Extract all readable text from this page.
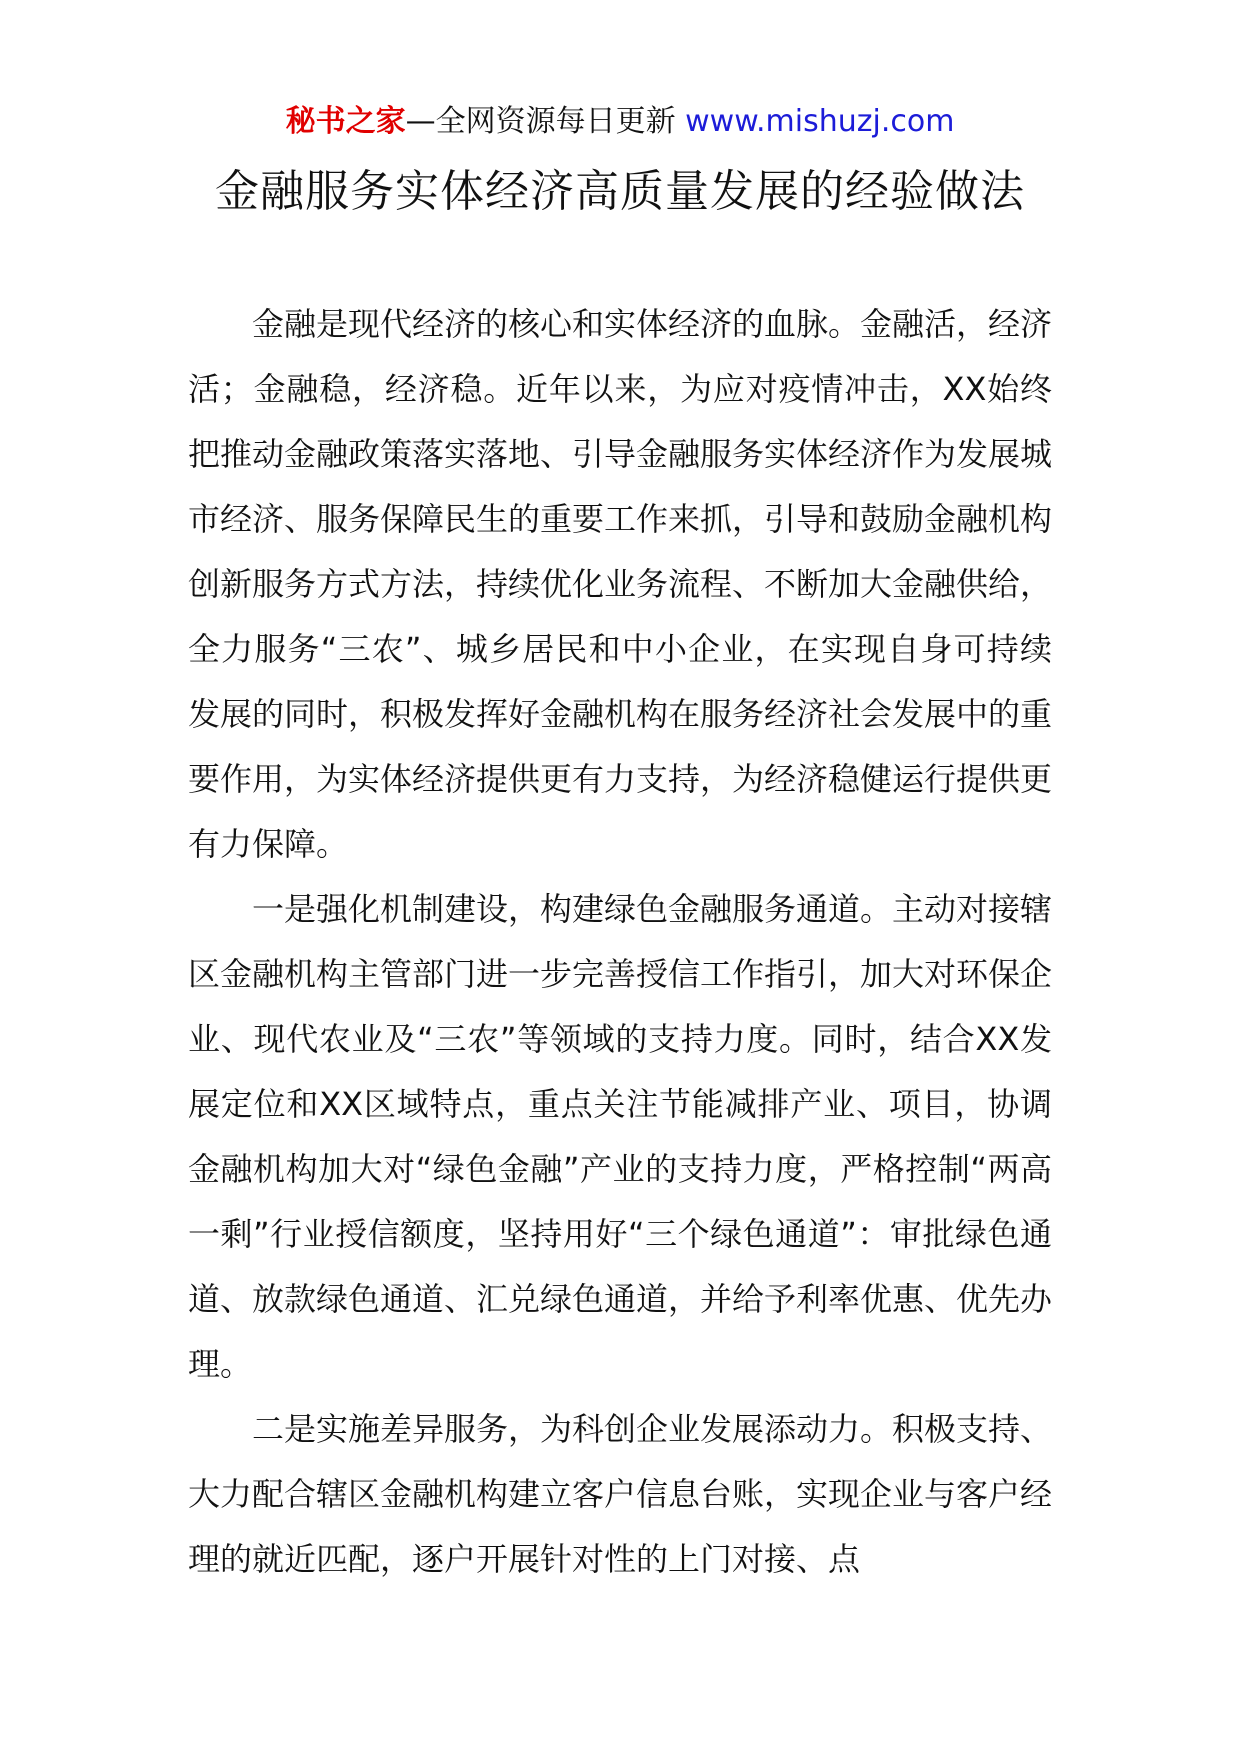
秘书之家—全网资源每日更新 www.mishuzj.com
金融服务实体经济高质量发展的经验做法

金融是现代经济的核心和实体经济的血脉。金融活，经济活；金融稳，经济稳。近年以来，为应对疫情冲击，XX始终把推动金融政策落实落地、引导金融服务实体经济作为发展城市经济、服务保障民生的重要工作来抓，引导和鼓励金融机构创新服务方式方法，持续优化业务流程、不断加大金融供给，全力服务“三农”、城乡居民和中小企业，在实现自身可持续发展的同时，积极发挥好金融机构在服务经济社会发展中的重要作用，为实体经济提供更有力支持，为经济稳健运行提供更有力保障。

一是强化机制建设，构建绿色金融服务通道。主动对接辖区金融机构主管部门进一步完善授信工作指引，加大对环保企业、现代农业及“三农”等领域的支持力度。同时，结合XX发展定位和XX区域特点，重点关注节能减排产业、项目，协调金融机构加大对“绿色金融”产业的支持力度，严格控制“两高一剩”行业授信额度，坚持用好“三个绿色通道”：审批绿色通道、放款绿色通道、汇兑绿色通道，并给予利率优惠、优先办理。

二是实施差异服务，为科创企业发展添动力。积极支持、大力配合辖区金融机构建立客户信息台账，实现企业与客户经理的就近匹配，逐户开展针对性的上门对接、点
